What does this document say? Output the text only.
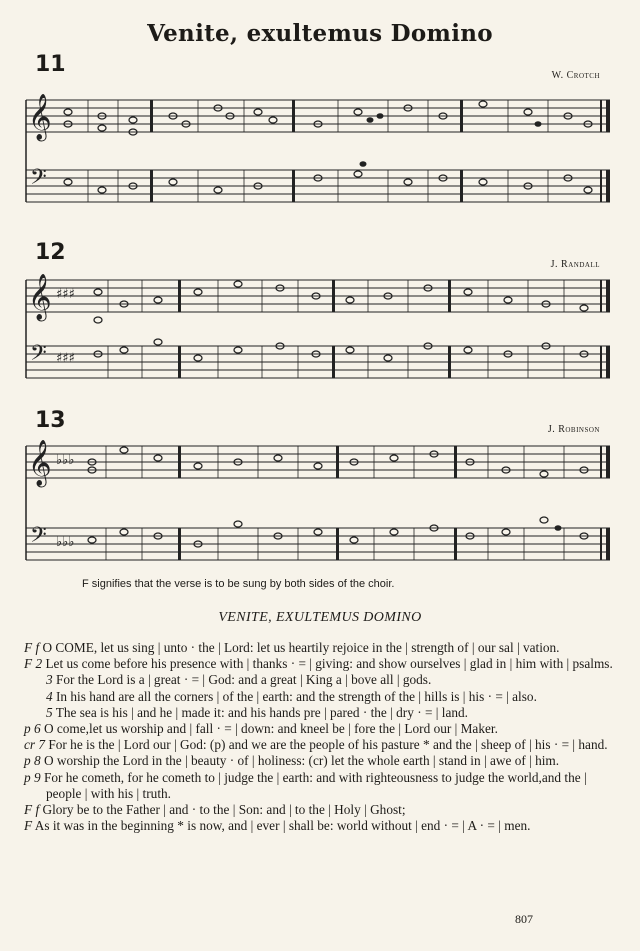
Venite, exultemus Domino
11	W. Crotch
𝄞
𝄢
12	J. Randall
𝄞
𝄢
♯♯♯
♯♯♯
13	J. Robinson
𝄞
𝄢
♭♭♭
♭♭♭
F signifies that the verse is to be sung by both sides of the choir.
VENITE, EXULTEMUS DOMINO

F f O COME, let us sing | unto · the | Lord: let us heartily rejoice in the | strength of | our sal | vation.

F 2 Let us come before his presence with | thanks · = | giving: and show ourselves | glad in | him with | psalms.

3 For the Lord is a | great · = | God: and a great | King a | bove all | gods.

4 In his hand are all the corners | of the | earth: and the strength of the | hills is | his · = | also.

5 The sea is his | and he | made it: and his hands pre | pared · the | dry · = | land.

p 6 O come,let us worship and | fall · = | down: and kneel be | fore the | Lord our | Maker.

cr 7 For he is the | Lord our | God: (p) and we are the people of his pasture * and the | sheep of | his · = | hand.

p 8 O worship the Lord in the | beauty · of | holiness: (cr) let the whole earth | stand in | awe of | him.

p 9 For he cometh, for he cometh to | judge the | earth: and with righteousness to judge the world,and the | people | with his | truth.

F f Glory be to the Father | and · to the | Son: and | to the | Holy | Ghost;

F As it was in the beginning * is now, and | ever | shall be: world without | end · = | A · = | men.

807
